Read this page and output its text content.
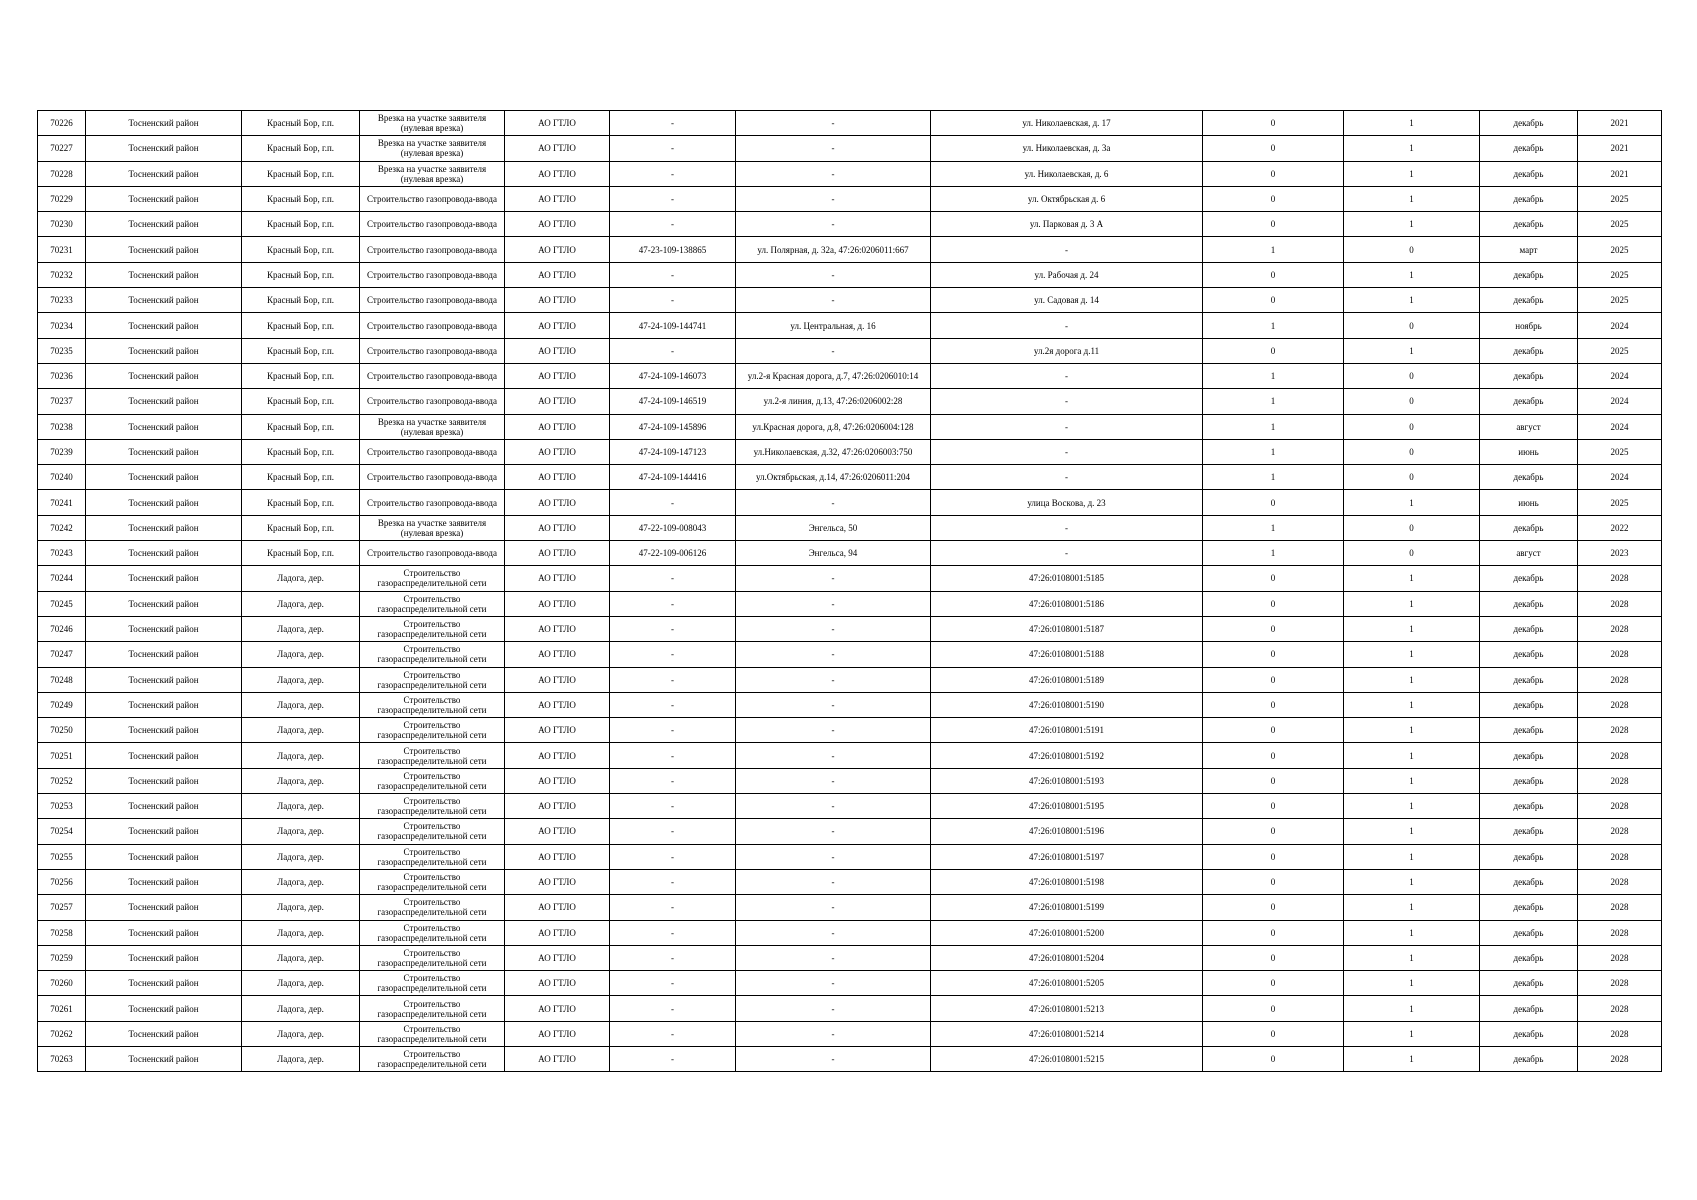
70226	Тосненский район	Красный Бор, г.п.	Врезка на участке заявителя (нулевая врезка)	АО ГТЛО	-	-	ул. Николаевская, д. 17	0	1	декабрь	2021
70227	Тосненский район	Красный Бор, г.п.	Врезка на участке заявителя (нулевая врезка)	АО ГТЛО	-	-	ул. Николаевская, д. 3а	0	1	декабрь	2021
70228	Тосненский район	Красный Бор, г.п.	Врезка на участке заявителя (нулевая врезка)	АО ГТЛО	-	-	ул. Николаевская, д. 6	0	1	декабрь	2021
70229	Тосненский район	Красный Бор, г.п.	Строительство газопровода-ввода	АО ГТЛО	-	-	ул. Октябрьская д. 6	0	1	декабрь	2025
70230	Тосненский район	Красный Бор, г.п.	Строительство газопровода-ввода	АО ГТЛО	-	-	ул. Парковая д. 3 А	0	1	декабрь	2025
70231	Тосненский район	Красный Бор, г.п.	Строительство газопровода-ввода	АО ГТЛО	47-23-109-138865	ул. Полярная, д. 32а, 47:26:0206011:667	-	1	0	март	2025
70232	Тосненский район	Красный Бор, г.п.	Строительство газопровода-ввода	АО ГТЛО	-	-	ул. Рабочая д. 24	0	1	декабрь	2025
70233	Тосненский район	Красный Бор, г.п.	Строительство газопровода-ввода	АО ГТЛО	-	-	ул. Садовая д. 14	0	1	декабрь	2025
70234	Тосненский район	Красный Бор, г.п.	Строительство газопровода-ввода	АО ГТЛО	47-24-109-144741	ул. Центральная, д. 16	-	1	0	ноябрь	2024
70235	Тосненский район	Красный Бор, г.п.	Строительство газопровода-ввода	АО ГТЛО	-	-	ул.2я дорога д.11	0	1	декабрь	2025
70236	Тосненский район	Красный Бор, г.п.	Строительство газопровода-ввода	АО ГТЛО	47-24-109-146073	ул.2-я Красная дорога, д.7, 47:26:0206010:14	-	1	0	декабрь	2024
70237	Тосненский район	Красный Бор, г.п.	Строительство газопровода-ввода	АО ГТЛО	47-24-109-146519	ул.2-я линия, д.13, 47:26:0206002:28	-	1	0	декабрь	2024
70238	Тосненский район	Красный Бор, г.п.	Врезка на участке заявителя (нулевая врезка)	АО ГТЛО	47-24-109-145896	ул.Красная дорога, д.8, 47:26:0206004:128	-	1	0	август	2024
70239	Тосненский район	Красный Бор, г.п.	Строительство газопровода-ввода	АО ГТЛО	47-24-109-147123	ул.Николаевская, д.32, 47:26:0206003:750	-	1	0	июнь	2025
70240	Тосненский район	Красный Бор, г.п.	Строительство газопровода-ввода	АО ГТЛО	47-24-109-144416	ул.Октябрьская, д.14, 47:26:0206011:204	-	1	0	декабрь	2024
70241	Тосненский район	Красный Бор, г.п.	Строительство газопровода-ввода	АО ГТЛО	-	-	улица Воскова, д. 23	0	1	июнь	2025
70242	Тосненский район	Красный Бор, г.п.	Врезка на участке заявителя (нулевая врезка)	АО ГТЛО	47-22-109-008043	Энгельса, 50	-	1	0	декабрь	2022
70243	Тосненский район	Красный Бор, г.п.	Строительство газопровода-ввода	АО ГТЛО	47-22-109-006126	Энгельса, 94	-	1	0	август	2023
70244	Тосненский район	Ладога, дер.	Строительство газораспределительной сети	АО ГТЛО	-	-	47:26:0108001:5185	0	1	декабрь	2028
70245	Тосненский район	Ладога, дер.	Строительство газораспределительной сети	АО ГТЛО	-	-	47:26:0108001:5186	0	1	декабрь	2028
70246	Тосненский район	Ладога, дер.	Строительство газораспределительной сети	АО ГТЛО	-	-	47:26:0108001:5187	0	1	декабрь	2028
70247	Тосненский район	Ладога, дер.	Строительство газораспределительной сети	АО ГТЛО	-	-	47:26:0108001:5188	0	1	декабрь	2028
70248	Тосненский район	Ладога, дер.	Строительство газораспределительной сети	АО ГТЛО	-	-	47:26:0108001:5189	0	1	декабрь	2028
70249	Тосненский район	Ладога, дер.	Строительство газораспределительной сети	АО ГТЛО	-	-	47:26:0108001:5190	0	1	декабрь	2028
70250	Тосненский район	Ладога, дер.	Строительство газораспределительной сети	АО ГТЛО	-	-	47:26:0108001:5191	0	1	декабрь	2028
70251	Тосненский район	Ладога, дер.	Строительство газораспределительной сети	АО ГТЛО	-	-	47:26:0108001:5192	0	1	декабрь	2028
70252	Тосненский район	Ладога, дер.	Строительство газораспределительной сети	АО ГТЛО	-	-	47:26:0108001:5193	0	1	декабрь	2028
70253	Тосненский район	Ладога, дер.	Строительство газораспределительной сети	АО ГТЛО	-	-	47:26:0108001:5195	0	1	декабрь	2028
70254	Тосненский район	Ладога, дер.	Строительство газораспределительной сети	АО ГТЛО	-	-	47:26:0108001:5196	0	1	декабрь	2028
70255	Тосненский район	Ладога, дер.	Строительство газораспределительной сети	АО ГТЛО	-	-	47:26:0108001:5197	0	1	декабрь	2028
70256	Тосненский район	Ладога, дер.	Строительство газораспределительной сети	АО ГТЛО	-	-	47:26:0108001:5198	0	1	декабрь	2028
70257	Тосненский район	Ладога, дер.	Строительство газораспределительной сети	АО ГТЛО	-	-	47:26:0108001:5199	0	1	декабрь	2028
70258	Тосненский район	Ладога, дер.	Строительство газораспределительной сети	АО ГТЛО	-	-	47:26:0108001:5200	0	1	декабрь	2028
70259	Тосненский район	Ладога, дер.	Строительство газораспределительной сети	АО ГТЛО	-	-	47:26:0108001:5204	0	1	декабрь	2028
70260	Тосненский район	Ладога, дер.	Строительство газораспределительной сети	АО ГТЛО	-	-	47:26:0108001:5205	0	1	декабрь	2028
70261	Тосненский район	Ладога, дер.	Строительство газораспределительной сети	АО ГТЛО	-	-	47:26:0108001:5213	0	1	декабрь	2028
70262	Тосненский район	Ладога, дер.	Строительство газораспределительной сети	АО ГТЛО	-	-	47:26:0108001:5214	0	1	декабрь	2028
70263	Тосненский район	Ладога, дер.	Строительство газораспределительной сети	АО ГТЛО	-	-	47:26:0108001:5215	0	1	декабрь	2028
